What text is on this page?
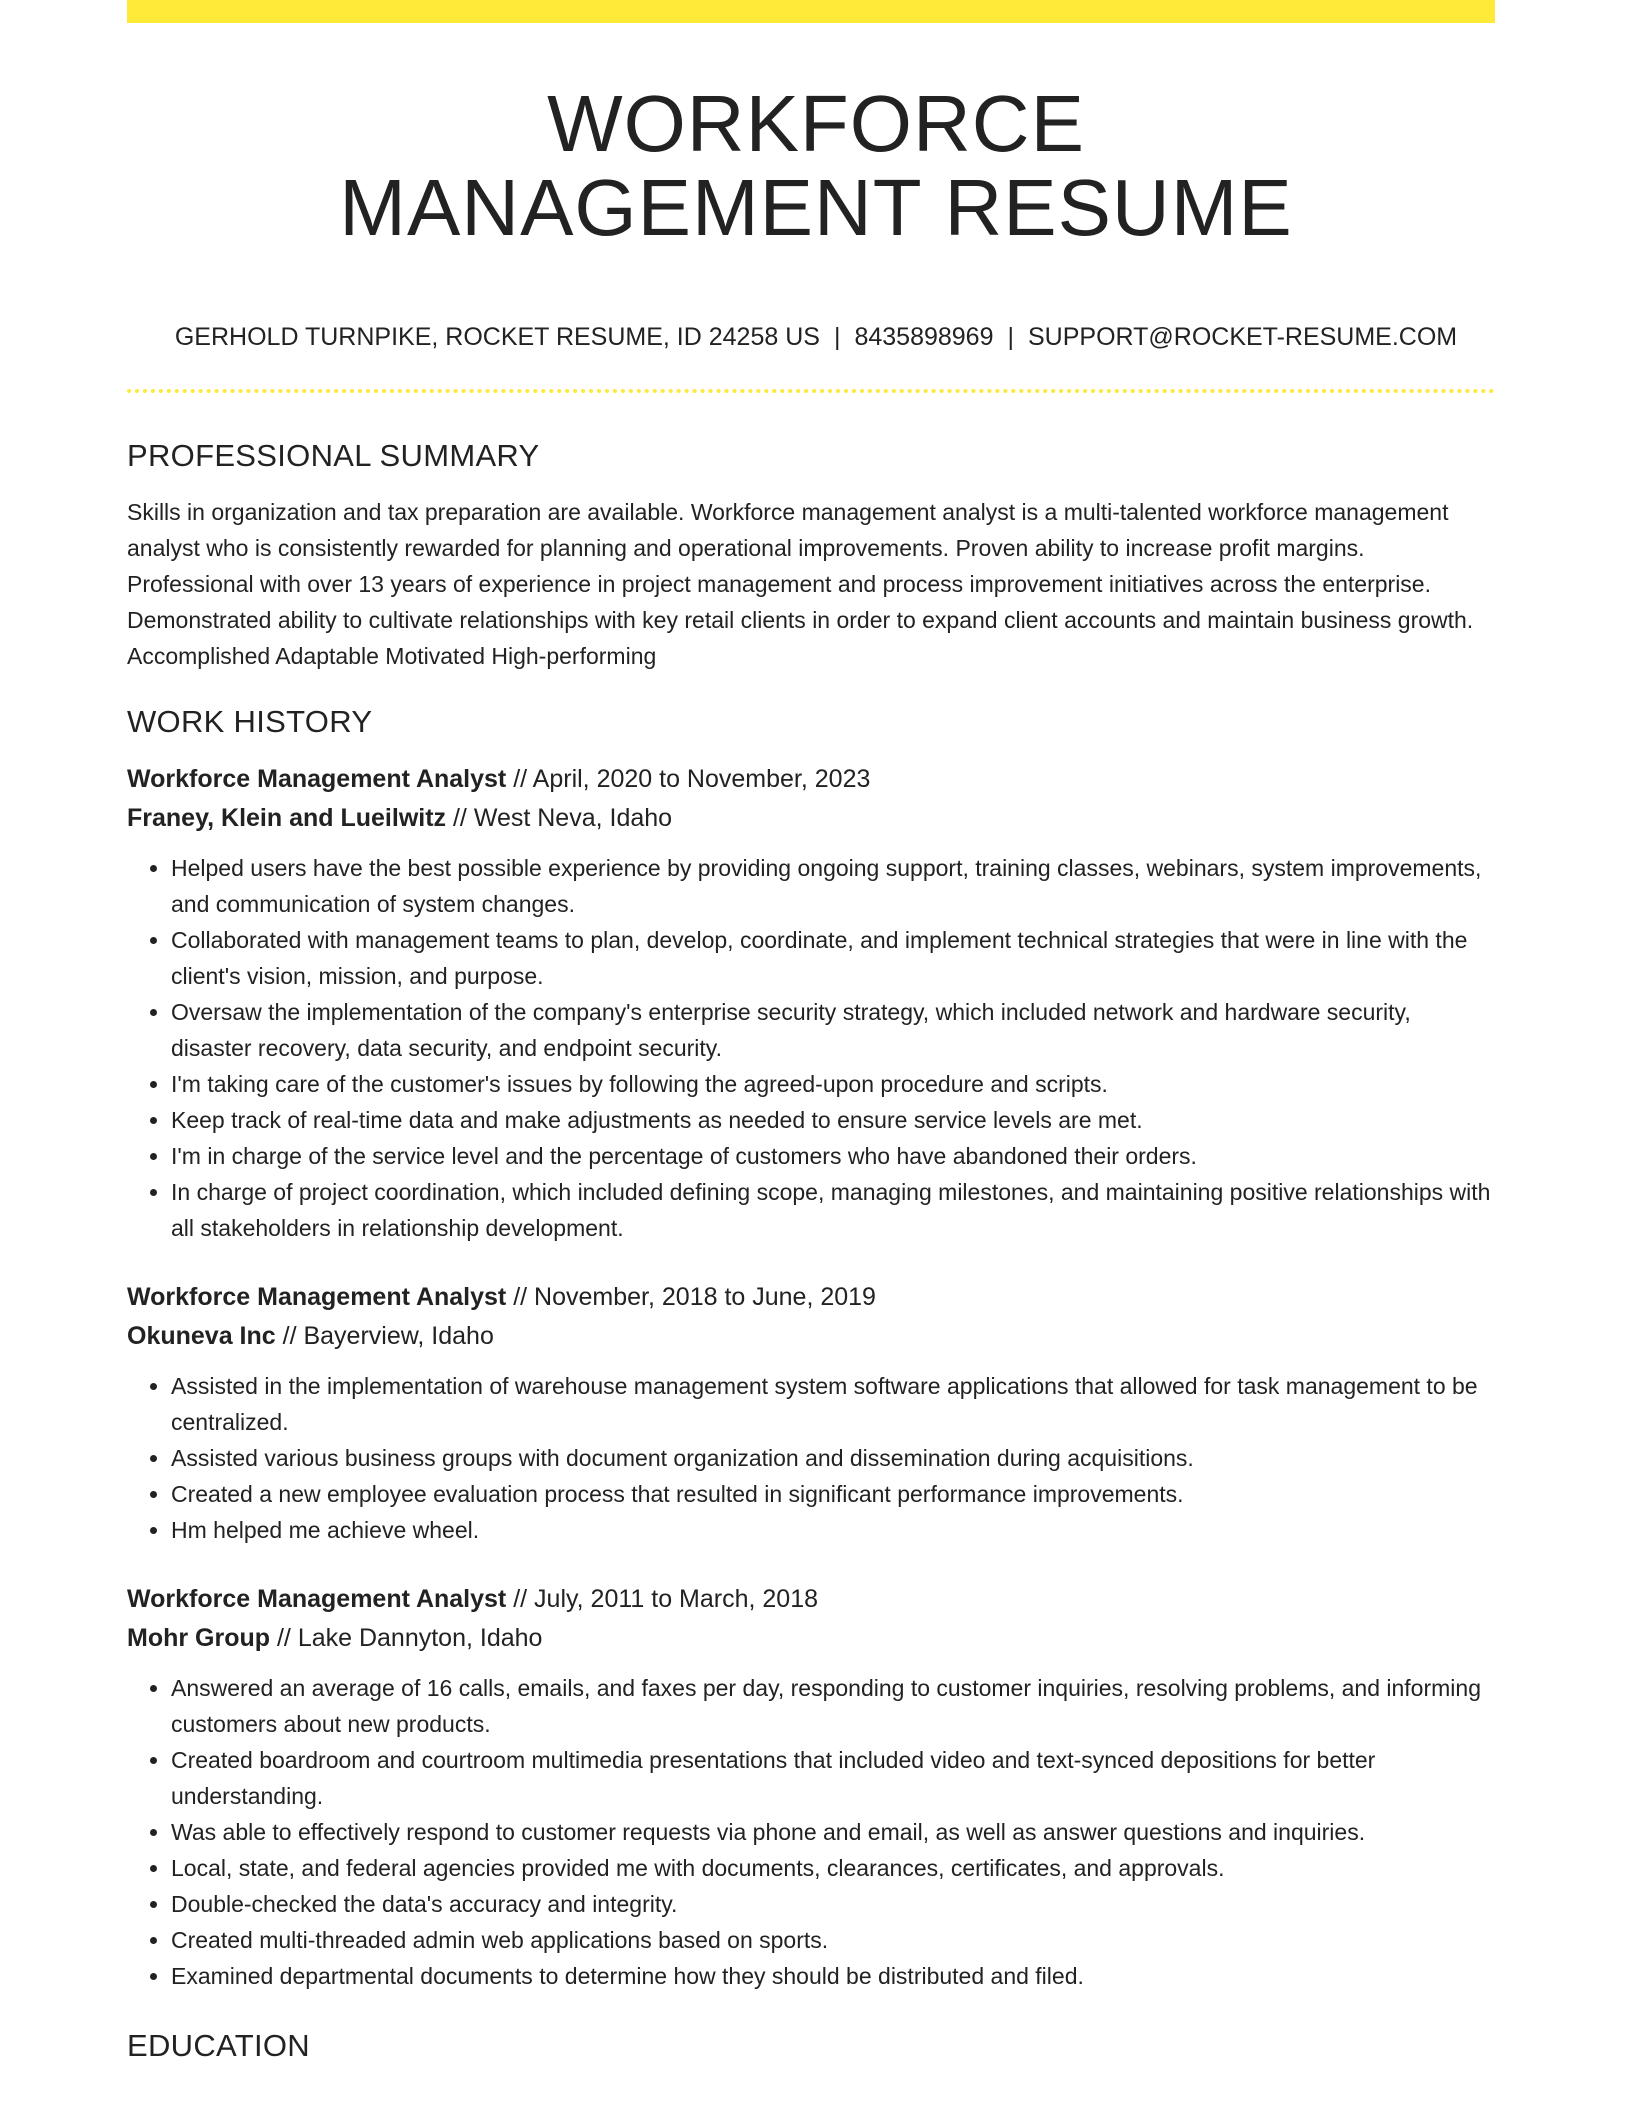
WORKFORCE
MANAGEMENT RESUME
GERHOLD TURNPIKE, ROCKET RESUME, ID 24258 US | 8435898969 | SUPPORT@ROCKET-RESUME.COM
PROFESSIONAL SUMMARY

Skills in organization and tax preparation are available. Workforce management analyst is a multi-talented workforce management analyst who is consistently rewarded for planning and operational improvements. Proven ability to increase profit margins. Professional with over 13 years of experience in project management and process improvement initiatives across the enterprise. Demonstrated ability to cultivate relationships with key retail clients in order to expand client accounts and maintain business growth. Accomplished Adaptable Motivated High-performing

WORK HISTORY

Workforce Management Analyst // April, 2020 to November, 2023

Franey, Klein and Lueilwitz // West Neva, Idaho

• Helped users have the best possible experience by providing ongoing support, training classes, webinars, system improvements, and communication of system changes.
• Collaborated with management teams to plan, develop, coordinate, and implement technical strategies that were in line with the client's vision, mission, and purpose.
• Oversaw the implementation of the company's enterprise security strategy, which included network and hardware security, disaster recovery, data security, and endpoint security.
• I'm taking care of the customer's issues by following the agreed-upon procedure and scripts.
• Keep track of real-time data and make adjustments as needed to ensure service levels are met.
• I'm in charge of the service level and the percentage of customers who have abandoned their orders.
• In charge of project coordination, which included defining scope, managing milestones, and maintaining positive relationships with all stakeholders in relationship development.

Workforce Management Analyst // November, 2018 to June, 2019

Okuneva Inc // Bayerview, Idaho

• Assisted in the implementation of warehouse management system software applications that allowed for task management to be centralized.
• Assisted various business groups with document organization and dissemination during acquisitions.
• Created a new employee evaluation process that resulted in significant performance improvements.
• Hm helped me achieve wheel.

Workforce Management Analyst // July, 2011 to March, 2018

Mohr Group // Lake Dannyton, Idaho

• Answered an average of 16 calls, emails, and faxes per day, responding to customer inquiries, resolving problems, and informing customers about new products.
• Created boardroom and courtroom multimedia presentations that included video and text-synced depositions for better understanding.
• Was able to effectively respond to customer requests via phone and email, as well as answer questions and inquiries.
• Local, state, and federal agencies provided me with documents, clearances, certificates, and approvals.
• Double-checked the data's accuracy and integrity.
• Created multi-threaded admin web applications based on sports.
• Examined departmental documents to determine how they should be distributed and filed.
EDUCATION
